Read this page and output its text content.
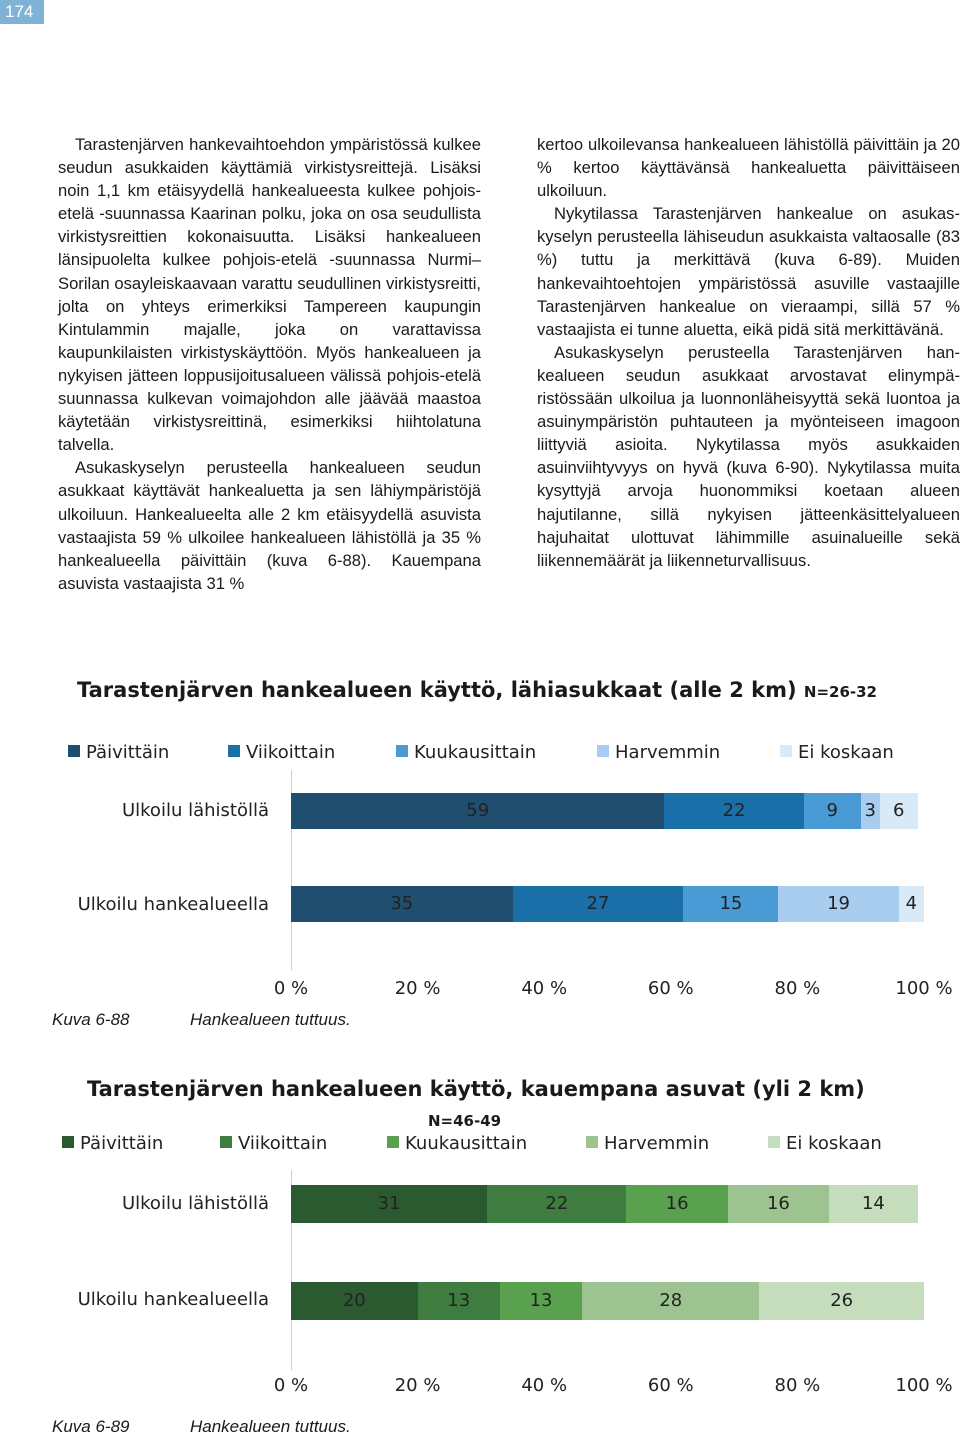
174

Tarastenjärven hankevaihtoehdon ympäristössä kulkee seudun asukkaiden käyttämiä virkistysreittejä. Lisäksi noin 1,1 km etäisyydellä hankealueesta kulkee pohjois-etelä -suunnassa Kaarinan polku, joka on osa seudullista virkistysreittien kokonaisuutta. Lisäksi hankealueen länsipuolelta kulkee pohjois-etelä -suunnassa Nurmi–Sorilan osayleiskaavaan varattu seudullinen virkistysreitti, jolta on yhteys erimerkiksi Tampereen kaupungin Kintulammin majalle, joka on varattavissa kaupunkilaisten virkistyskäyttöön. Myös hankealueen ja nykyisen jätteen loppusijoitusalueen välissä pohjois-etelä suunnassa kulkevan voimajohdon alle jäävää maastoa käytetään virkistysreittinä, esimerkiksi hiihtolatuna talvella.

Asukaskyselyn perusteella hankealueen seudun asukkaat käyttävät hankealuetta ja sen lähiympäristöjä ulkoiluun. Hankealueelta alle 2 km etäisyydellä asuvista vastaajista 59 % ulkoilee hankealueen lähistöllä ja 35 % hankealueella päivittäin (kuva 6-88). Kauempana asuvista vastaajista 31 %

kertoo ulkoilevansa hankealueen lähistöllä päivittäin ja 20 % kertoo käyttävänsä hankealuetta päivittäiseen ulkoiluun.

Nykytilassa Tarastenjärven hankealue on asukaskyselyn perusteella lähiseudun asukkaista valtaosalle (83 %) tuttu ja merkittävä (kuva 6-89). Muiden hankevaihtoehtojen ympäristössä asuville vastaajille Tarastenjärven hankealue on vieraampi, sillä 57 % vastaajista ei tunne aluetta, eikä pidä sitä merkittävänä.

Asukaskyselyn perusteella Tarastenjärven hankealueen seudun asukkaat arvostavat elinympäristössään ulkoilua ja luonnonläheisyyttä sekä luontoa ja asuinympäristön puhtauteen ja myönteiseen imagoon liittyviä asioita. Nykytilassa myös asukkaiden asuinviihtyvyys on hyvä (kuva 6-90). Nykytilassa muita kysyttyjä arvoja huonommiksi koetaan alueen hajutilanne, sillä nykyisen jätteenkäsittelyalueen hajuhaitat ulottuvat lähimmille asuinalueille sekä liikennemäärät ja liikenneturvallisuus.

Tarastenjärven hankealueen käyttö, lähiasukkaat (alle 2 km) N=26-32
Päivittäin	Viikoittain	Kuukausittain	Harvemmin	Ei koskaan
Ulkoilu lähistöllä
Ulkoilu hankealueella
59	22	9	3 6
35	27	15	19	4
0 %	20 %	40 %	60 %	80 %	100 %
Kuva 6-88	Hankealueen tuttuus.
Tarastenjärven hankealueen käyttö, kauempana asuvat (yli 2 km)
N=46-49
Päivittäin	Viikoittain	Kuukausittain	Harvemmin	Ei koskaan
Ulkoilu lähistöllä
Ulkoilu hankealueella
31	22	16	16	14
20	13	13	28	26
0 %	20 %	40 %	60 %	80 %	100 %
Kuva 6-89	Hankealueen tuttuus.
